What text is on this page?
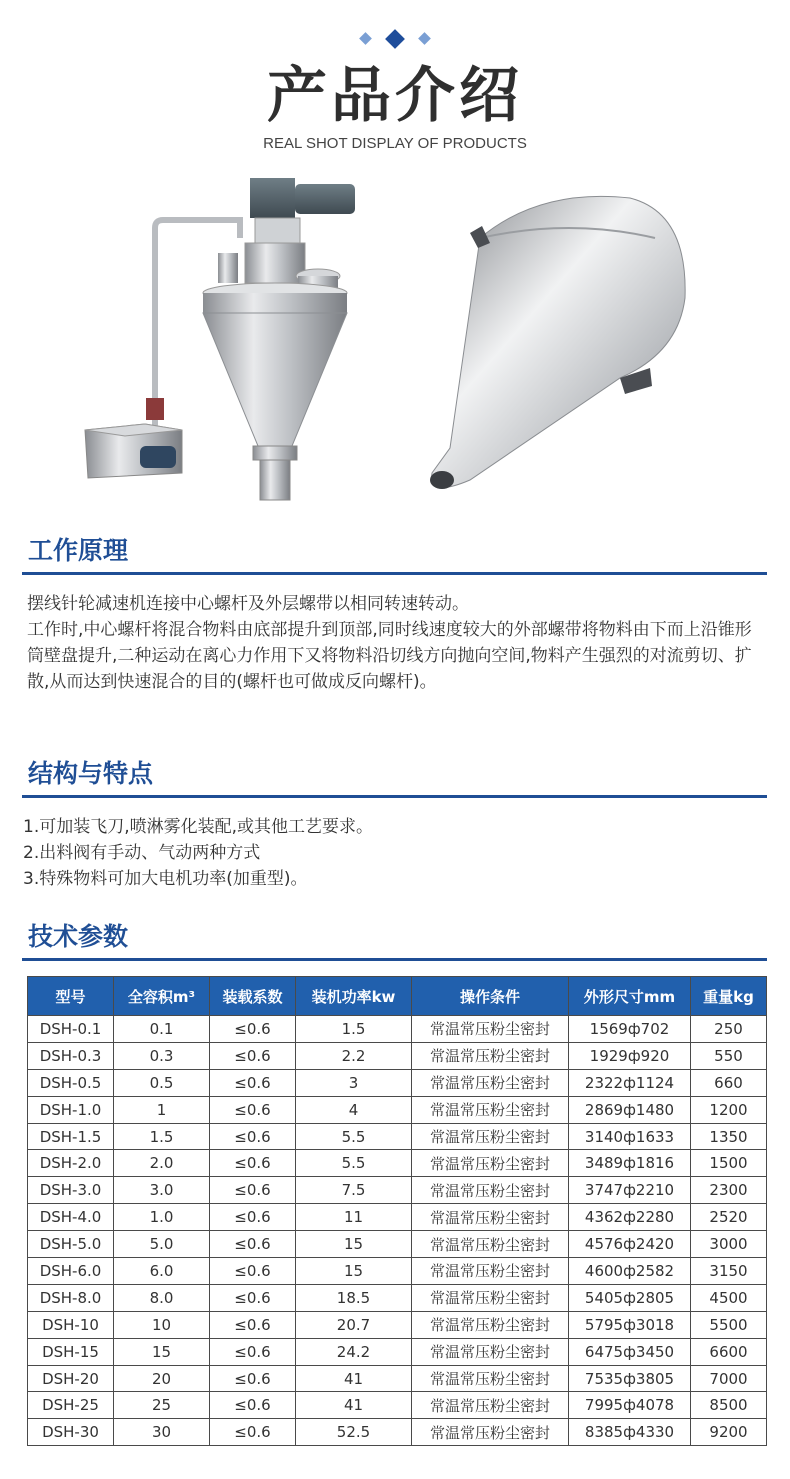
产品介绍
REAL SHOT DISPLAY OF PRODUCTS
工作原理

摆线针轮减速机连接中心螺杆及外层螺带以相同转速转动。

工作时,中心螺杆将混合物料由底部提升到顶部,同时线速度较大的外部螺带将物料由下而上沿锥形筒壁盘提升,二种运动在离心力作用下又将物料沿切线方向抛向空间,物料产生强烈的对流剪切、扩散,从而达到快速混合的目的(螺杆也可做成反向螺杆)。

结构与特点

1.可加装飞刀,喷淋雾化装配,或其他工艺要求。

2.出料阀有手动、气动两种方式

3.特殊物料可加大电机功率(加重型)。

技术参数
型号	全容积m³	装载系数	装机功率kw	操作条件	外形尺寸mm	重量kg
DSH-0.1	0.1	≤0.6	1.5	常温常压粉尘密封	1569ф702	250
DSH-0.3	0.3	≤0.6	2.2	常温常压粉尘密封	1929ф920	550
DSH-0.5	0.5	≤0.6	3	常温常压粉尘密封	2322ф1124	660
DSH-1.0	1	≤0.6	4	常温常压粉尘密封	2869ф1480	1200
DSH-1.5	1.5	≤0.6	5.5	常温常压粉尘密封	3140ф1633	1350
DSH-2.0	2.0	≤0.6	5.5	常温常压粉尘密封	3489ф1816	1500
DSH-3.0	3.0	≤0.6	7.5	常温常压粉尘密封	3747ф2210	2300
DSH-4.0	1.0	≤0.6	11	常温常压粉尘密封	4362ф2280	2520
DSH-5.0	5.0	≤0.6	15	常温常压粉尘密封	4576ф2420	3000
DSH-6.0	6.0	≤0.6	15	常温常压粉尘密封	4600ф2582	3150
DSH-8.0	8.0	≤0.6	18.5	常温常压粉尘密封	5405ф2805	4500
DSH-10	10	≤0.6	20.7	常温常压粉尘密封	5795ф3018	5500
DSH-15	15	≤0.6	24.2	常温常压粉尘密封	6475ф3450	6600
DSH-20	20	≤0.6	41	常温常压粉尘密封	7535ф3805	7000
DSH-25	25	≤0.6	41	常温常压粉尘密封	7995ф4078	8500
DSH-30	30	≤0.6	52.5	常温常压粉尘密封	8385ф4330	9200
